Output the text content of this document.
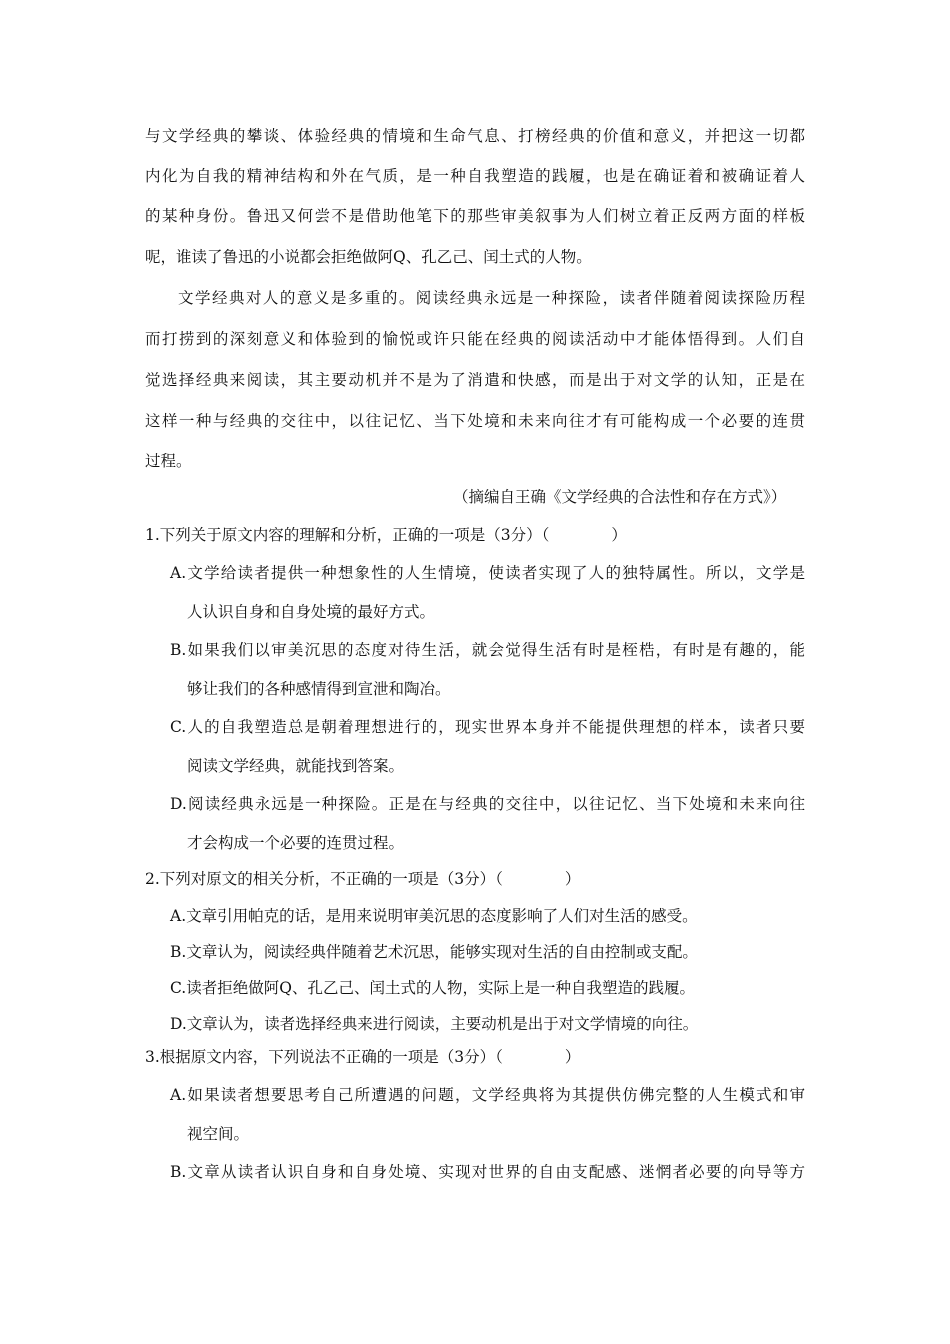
与文学经典的攀谈、体验经典的情境和生命气息、打榜经典的价值和意义，并把这一切都
内化为自我的精神结构和外在气质，是一种自我塑造的践履，也是在确证着和被确证着人
的某种身份。鲁迅又何尝不是借助他笔下的那些审美叙事为人们树立着正反两方面的样板
呢，谁读了鲁迅的小说都会拒绝做阿Q、孔乙己、闰土式的人物。
文学经典对人的意义是多重的。阅读经典永远是一种探险，读者伴随着阅读探险历程
而打捞到的深刻意义和体验到的愉悦或许只能在经典的阅读活动中才能体悟得到。人们自
觉选择经典来阅读，其主要动机并不是为了消遣和快感，而是出于对文学的认知，正是在
这样一种与经典的交往中，以往记忆、当下处境和未来向往才有可能构成一个必要的连贯
过程。
（摘编自王确《文学经典的合法性和存在方式》）
1.下列关于原文内容的理解和分析，正确的一项是（3分）（　　　　）
A.文学给读者提供一种想象性的人生情境，使读者实现了人的独特属性。所以，文学是
人认识自身和自身处境的最好方式。
B.如果我们以审美沉思的态度对待生活，就会觉得生活有时是桎梏，有时是有趣的，能
够让我们的各种感情得到宣泄和陶冶。
C.人的自我塑造总是朝着理想进行的，现实世界本身并不能提供理想的样本，读者只要
阅读文学经典，就能找到答案。
D.阅读经典永远是一种探险。正是在与经典的交往中，以往记忆、当下处境和未来向往
才会构成一个必要的连贯过程。
2.下列对原文的相关分析，不正确的一项是（3分）（　　　　）
A.文章引用帕克的话，是用来说明审美沉思的态度影响了人们对生活的感受。
B.文章认为，阅读经典伴随着艺术沉思，能够实现对生活的自由控制或支配。
C.读者拒绝做阿Q、孔乙己、闰土式的人物，实际上是一种自我塑造的践履。
D.文章认为，读者选择经典来进行阅读，主要动机是出于对文学情境的向往。
3.根据原文内容，下列说法不正确的一项是（3分）（　　　　）
A.如果读者想要思考自己所遭遇的问题，文学经典将为其提供仿佛完整的人生模式和审
视空间。
B.文章从读者认识自身和自身处境、实现对世界的自由支配感、迷惘者必要的向导等方
